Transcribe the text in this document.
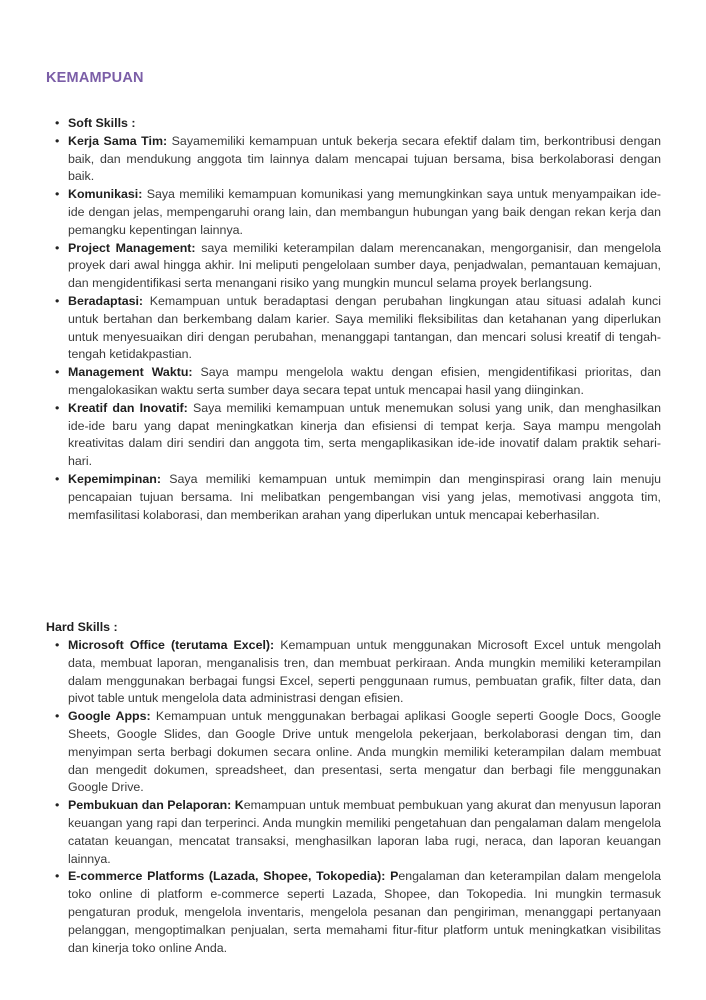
KEMAMPUAN
• Soft Skills :
• Kerja Sama Tim: Sayamemiliki kemampuan untuk bekerja secara efektif dalam tim, berkontribusi dengan baik, dan mendukung anggota tim lainnya dalam mencapai tujuan bersama, bisa berkolaborasi dengan baik.
• Komunikasi: Saya memiliki kemampuan komunikasi yang memungkinkan saya untuk menyampaikan ide-ide dengan jelas, mempengaruhi orang lain, dan membangun hubungan yang baik dengan rekan kerja dan pemangku kepentingan lainnya.
• Project Management: saya memiliki keterampilan dalam merencanakan, mengorganisir, dan mengelola proyek dari awal hingga akhir. Ini meliputi pengelolaan sumber daya, penjadwalan, pemantauan kemajuan, dan mengidentifikasi serta menangani risiko yang mungkin muncul selama proyek berlangsung.
• Beradaptasi: Kemampuan untuk beradaptasi dengan perubahan lingkungan atau situasi adalah kunci untuk bertahan dan berkembang dalam karier. Saya memiliki fleksibilitas dan ketahanan yang diperlukan untuk menyesuaikan diri dengan perubahan, menanggapi tantangan, dan mencari solusi kreatif di tengah-tengah ketidakpastian.
• Management Waktu: Saya mampu mengelola waktu dengan efisien, mengidentifikasi prioritas, dan mengalokasikan waktu serta sumber daya secara tepat untuk mencapai hasil yang diinginkan.
• Kreatif dan Inovatif: Saya memiliki kemampuan untuk menemukan solusi yang unik, dan menghasilkan ide-ide baru yang dapat meningkatkan kinerja dan efisiensi di tempat kerja. Saya mampu mengolah kreativitas dalam diri sendiri dan anggota tim, serta mengaplikasikan ide-ide inovatif dalam praktik sehari-hari.
• Kepemimpinan: Saya memiliki kemampuan untuk memimpin dan menginspirasi orang lain menuju pencapaian tujuan bersama. Ini melibatkan pengembangan visi yang jelas, memotivasi anggota tim, memfasilitasi kolaborasi, dan memberikan arahan yang diperlukan untuk mencapai keberhasilan.

Hard Skills :

• Microsoft Office (terutama Excel): Kemampuan untuk menggunakan Microsoft Excel untuk mengolah data, membuat laporan, menganalisis tren, dan membuat perkiraan. Anda mungkin memiliki keterampilan dalam menggunakan berbagai fungsi Excel, seperti penggunaan rumus, pembuatan grafik, filter data, dan pivot table untuk mengelola data administrasi dengan efisien.
• Google Apps: Kemampuan untuk menggunakan berbagai aplikasi Google seperti Google Docs, Google Sheets, Google Slides, dan Google Drive untuk mengelola pekerjaan, berkolaborasi dengan tim, dan menyimpan serta berbagi dokumen secara online. Anda mungkin memiliki keterampilan dalam membuat dan mengedit dokumen, spreadsheet, dan presentasi, serta mengatur dan berbagi file menggunakan Google Drive.
• Pembukuan dan Pelaporan: Kemampuan untuk membuat pembukuan yang akurat dan menyusun laporan keuangan yang rapi dan terperinci. Anda mungkin memiliki pengetahuan dan pengalaman dalam mengelola catatan keuangan, mencatat transaksi, menghasilkan laporan laba rugi, neraca, dan laporan keuangan lainnya.
• E-commerce Platforms (Lazada, Shopee, Tokopedia): Pengalaman dan keterampilan dalam mengelola toko online di platform e-commerce seperti Lazada, Shopee, dan Tokopedia. Ini mungkin termasuk pengaturan produk, mengelola inventaris, mengelola pesanan dan pengiriman, menanggapi pertanyaan pelanggan, mengoptimalkan penjualan, serta memahami fitur-fitur platform untuk meningkatkan visibilitas dan kinerja toko online Anda.
